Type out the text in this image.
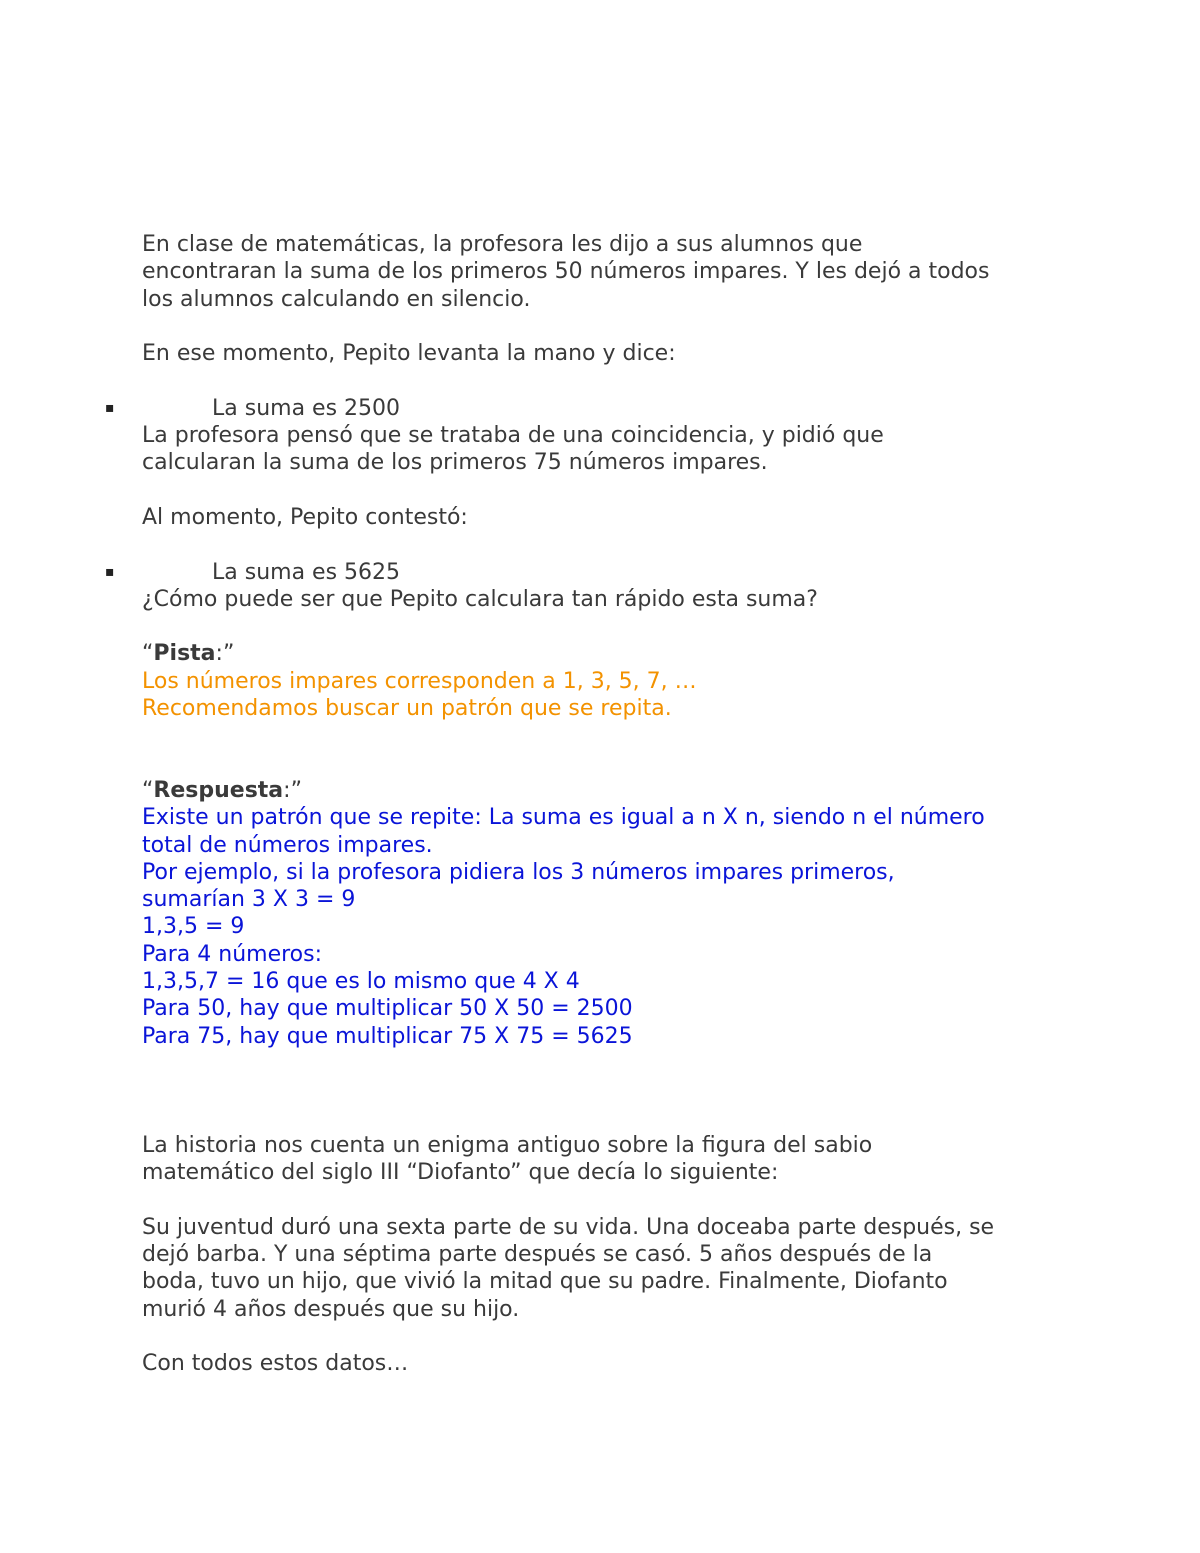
En clase de matemáticas, la profesora les dijo a sus alumnos que
encontraran la suma de los primeros 50 números impares. Y les dejó a todos
los alumnos calculando en silencio.
En ese momento, Pepito levanta la mano y dice:
▪	La suma es 2500
La profesora pensó que se trataba de una coincidencia, y pidió que
calcularan la suma de los primeros 75 números impares.
Al momento, Pepito contestó:
▪	La suma es 5625
¿Cómo puede ser que Pepito calculara tan rápido esta suma?
“Pista:”
Los números impares corresponden a 1, 3, 5, 7, …
Recomendamos buscar un patrón que se repita.
“Respuesta:”
Existe un patrón que se repite: La suma es igual a n X n, siendo n el número
total de números impares.
Por ejemplo, si la profesora pidiera los 3 números impares primeros,
sumarían 3 X 3 = 9
1,3,5 = 9
Para 4 números:
1,3,5,7 = 16 que es lo mismo que 4 X 4
Para 50, hay que multiplicar 50 X 50 = 2500
Para 75, hay que multiplicar 75 X 75 = 5625
La historia nos cuenta un enigma antiguo sobre la figura del sabio
matemático del siglo III “Diofanto” que decía lo siguiente:
Su juventud duró una sexta parte de su vida. Una doceaba parte después, se
dejó barba. Y una séptima parte después se casó. 5 años después de la
boda, tuvo un hijo, que vivió la mitad que su padre. Finalmente, Diofanto
murió 4 años después que su hijo.
Con todos estos datos…
